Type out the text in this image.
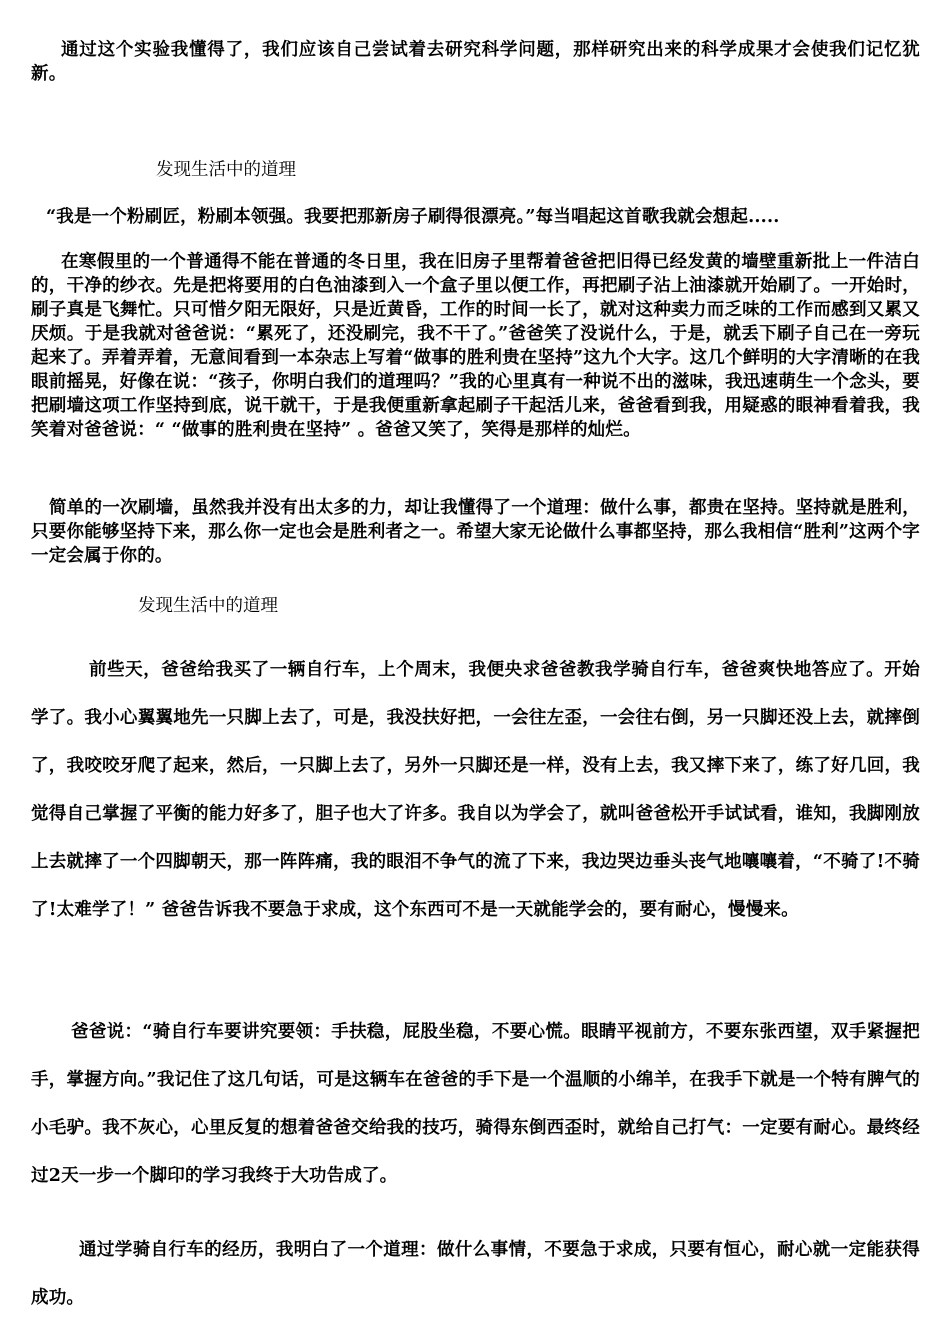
通过这个实验我懂得了，我们应该自己尝试着去研究科学问题，那样研究出来的科学成果才会使我们记忆犹新。

发现生活中的道理

“我是一个粉刷匠，粉刷本领强。我要把那新房子刷得很漂亮。”每当唱起这首歌我就会想起.....

在寒假里的一个普通得不能在普通的冬日里，我在旧房子里帮着爸爸把旧得已经发黄的墙壁重新批上一件洁白的，干净的纱衣。先是把将要用的白色油漆到入一个盒子里以便工作，再把刷子沾上油漆就开始刷了。一开始时，刷子真是飞舞忙。只可惜夕阳无限好，只是近黄昏，工作的时间一长了，就对这种卖力而乏味的工作而感到又累又厌烦。于是我就对爸爸说：“累死了，还没刷完，我不干了。”爸爸笑了没说什么，于是，就丢下刷子自己在一旁玩起来了。弄着弄着，无意间看到一本杂志上写着“做事的胜利贵在坚持”这九个大字。这几个鲜明的大字清晰的在我眼前摇晃，好像在说：“孩子，你明白我们的道理吗？”我的心里真有一种说不出的滋味，我迅速萌生一个念头，要把刷墙这项工作坚持到底，说干就干，于是我便重新拿起刷子干起活儿来，爸爸看到我，用疑惑的眼神看着我，我笑着对爸爸说：“ “做事的胜利贵在坚持” 。爸爸又笑了，笑得是那样的灿烂。

简单的一次刷墙，虽然我并没有出太多的力，却让我懂得了一个道理：做什么事，都贵在坚持。坚持就是胜利，只要你能够坚持下来，那么你一定也会是胜利者之一。希望大家无论做什么事都坚持，那么我相信“胜利”这两个字一定会属于你的。

发现生活中的道理

前些天，爸爸给我买了一辆自行车，上个周末，我便央求爸爸教我学骑自行车，爸爸爽快地答应了。开始学了。我小心翼翼地先一只脚上去了，可是，我没扶好把，一会往左歪，一会往右倒，另一只脚还没上去，就摔倒了，我咬咬牙爬了起来，然后，一只脚上去了，另外一只脚还是一样，没有上去，我又摔下来了，练了好几回，我觉得自己掌握了平衡的能力好多了，胆子也大了许多。我自以为学会了，就叫爸爸松开手试试看，谁知，我脚刚放上去就摔了一个四脚朝天，那一阵阵痛，我的眼泪不争气的流了下来，我边哭边垂头丧气地嚷嚷着，“不骑了!不骑了!太难学了！” 爸爸告诉我不要急于求成，这个东西可不是一天就能学会的，要有耐心，慢慢来。

爸爸说：“骑自行车要讲究要领：手扶稳，屁股坐稳，不要心慌。眼睛平视前方，不要东张西望，双手紧握把手，掌握方向。”我记住了这几句话，可是这辆车在爸爸的手下是一个温顺的小绵羊，在我手下就是一个特有脾气的小毛驴。我不灰心，心里反复的想着爸爸交给我的技巧，骑得东倒西歪时，就给自己打气：一定要有耐心。最终经过2天一步一个脚印的学习我终于大功告成了。

通过学骑自行车的经历，我明白了一个道理：做什么事情，不要急于求成，只要有恒心，耐心就一定能获得成功。
